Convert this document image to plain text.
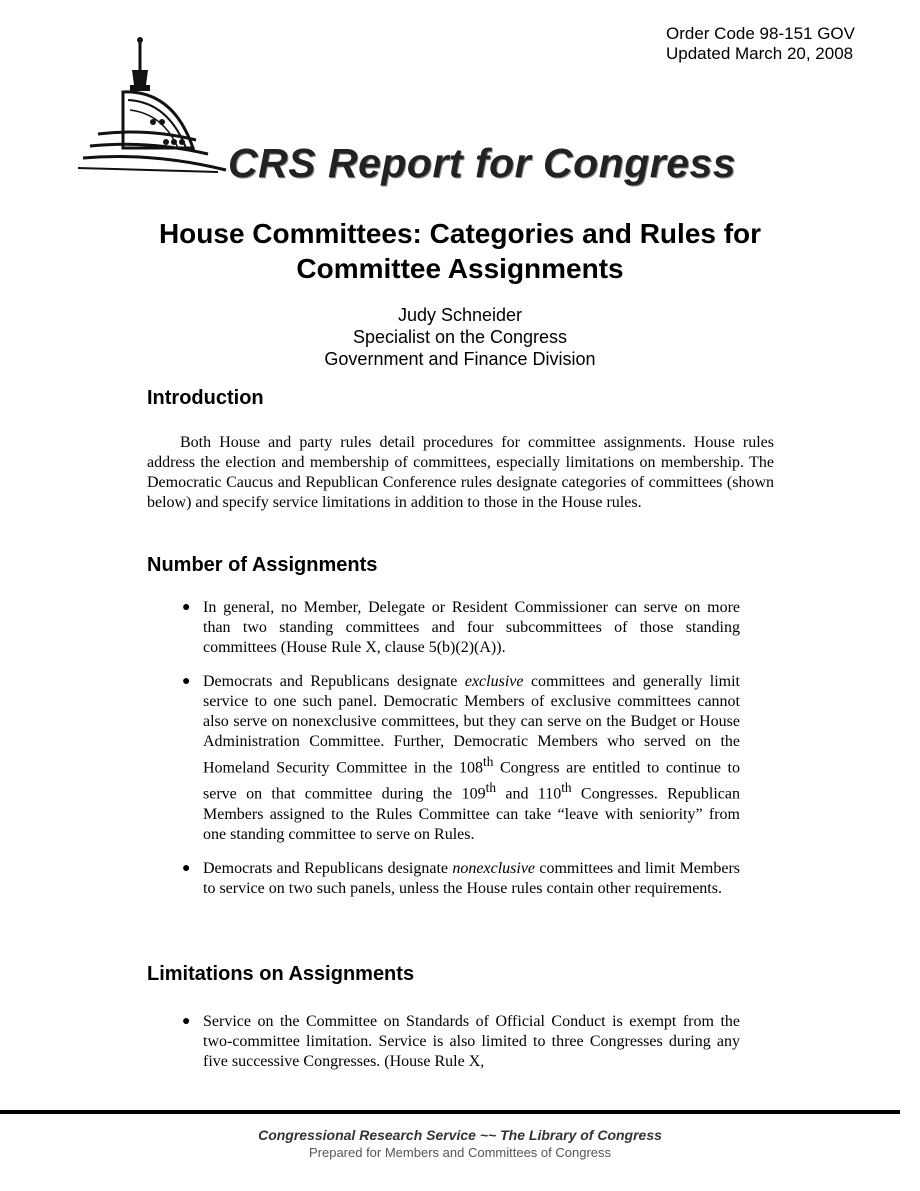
Order Code 98-151 GOV
Updated March 20, 2008
CRS Report for Congress
House Committees: Categories and Rules for
Committee Assignments
Judy Schneider
Specialist on the Congress
Government and Finance Division
Introduction
Both House and party rules detail procedures for committee assignments. House rules address the election and membership of committees, especially limitations on membership. The Democratic Caucus and Republican Conference rules designate categories of committees (shown below) and specify service limitations in addition to those in the House rules.
Number of Assignments
● In general, no Member, Delegate or Resident Commissioner can serve on more than two standing committees and four subcommittees of those standing committees (House Rule X, clause 5(b)(2)(A)).
● Democrats and Republicans designate exclusive committees and generally limit service to one such panel. Democratic Members of exclusive committees cannot also serve on nonexclusive committees, but they can serve on the Budget or House Administration Committee. Further, Democratic Members who served on the Homeland Security Committee in the 108th Congress are entitled to continue to serve on that committee during the 109th and 110th Congresses. Republican Members assigned to the Rules Committee can take “leave with seniority” from one standing committee to serve on Rules.
● Democrats and Republicans designate nonexclusive committees and limit Members to service on two such panels, unless the House rules contain other requirements.
Limitations on Assignments
● Service on the Committee on Standards of Official Conduct is exempt from the two-committee limitation. Service is also limited to three Congresses during any five successive Congresses. (House Rule X,
Congressional Research Service ~~ The Library of Congress
Prepared for Members and Committees of Congress
